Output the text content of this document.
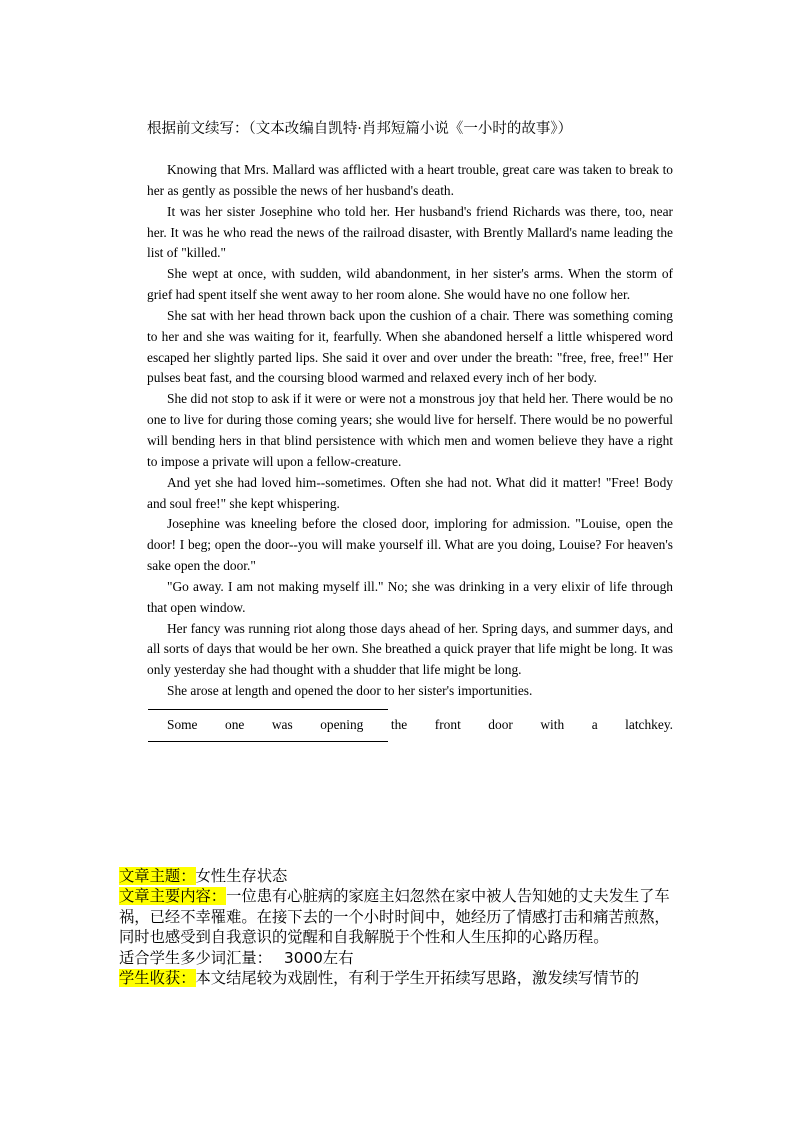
根据前文续写：（文本改编自凯特·肖邦短篇小说《一小时的故事》）

Knowing that Mrs. Mallard was afflicted with a heart trouble, great care was taken to break to her as gently as possible the news of her husband's death.

It was her sister Josephine who told her. Her husband's friend Richards was there, too, near her. It was he who read the news of the railroad disaster, with Brently Mallard's name leading the list of "killed."

She wept at once, with sudden, wild abandonment, in her sister's arms. When the storm of grief had spent itself she went away to her room alone. She would have no one follow her.

She sat with her head thrown back upon the cushion of a chair. There was something coming to her and she was waiting for it, fearfully. When she abandoned herself a little whispered word escaped her slightly parted lips. She said it over and over under the breath: "free, free, free!" Her pulses beat fast, and the coursing blood warmed and relaxed every inch of her body.

She did not stop to ask if it were or were not a monstrous joy that held her. There would be no one to live for during those coming years; she would live for herself. There would be no powerful will bending hers in that blind persistence with which men and women believe they have a right to impose a private will upon a fellow-creature.

And yet she had loved him--sometimes. Often she had not. What did it matter! "Free! Body and soul free!" she kept whispering.

Josephine was kneeling before the closed door, imploring for admission. "Louise, open the door! I beg; open the door--you will make yourself ill. What are you doing, Louise? For heaven's sake open the door."

"Go away. I am not making myself ill." No; she was drinking in a very elixir of life through that open window.

Her fancy was running riot along those days ahead of her. Spring days, and summer days, and all sorts of days that would be her own. She breathed a quick prayer that life might be long. It was only yesterday she had thought with a shudder that life might be long.

She arose at length and opened the door to her sister's importunities.

Some one was opening the front door with a latchkey.

文章主题：女性生存状态

文章主要内容：一位患有心脏病的家庭主妇忽然在家中被人告知她的丈夫发生了车祸，已经不幸罹难。在接下去的一个小时时间中，她经历了情感打击和痛苦煎熬，同时也感受到自我意识的觉醒和自我解脱于个性和人生压抑的心路历程。

适合学生多少词汇量： 3000左右

学生收获：本文结尾较为戏剧性，有利于学生开拓续写思路，激发续写情节的
